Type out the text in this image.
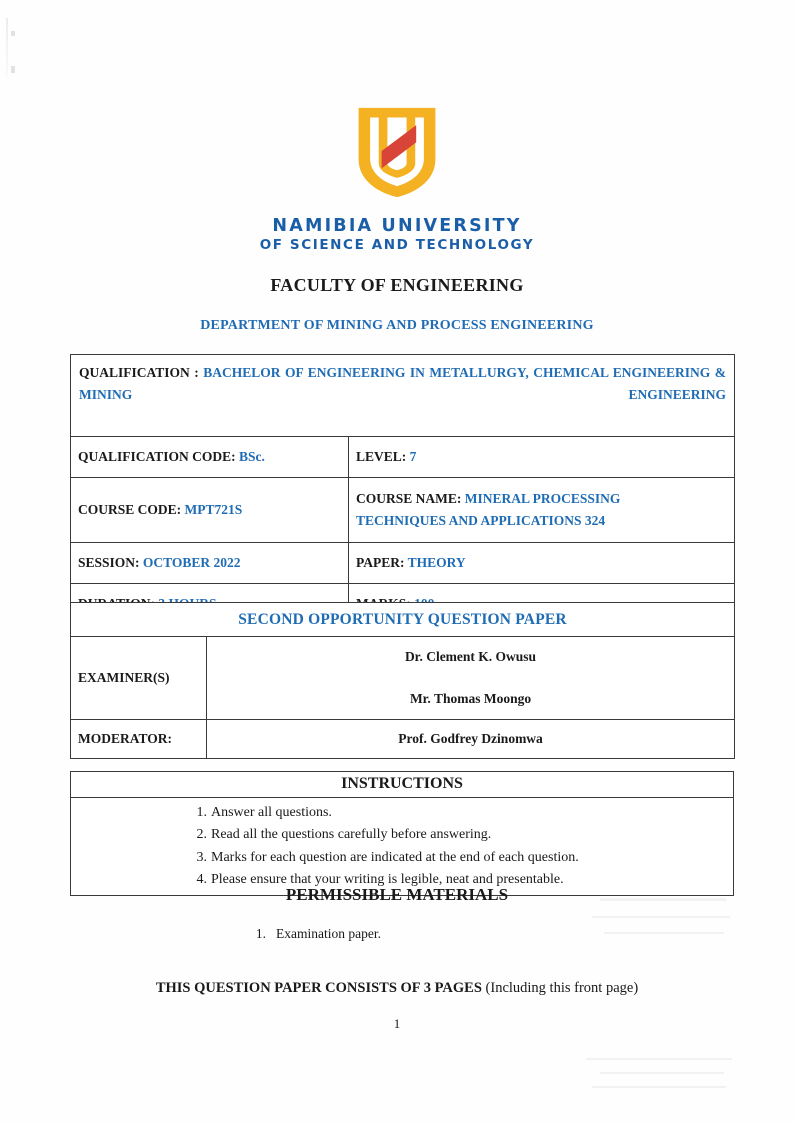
NAMIBIA UNIVERSITY
OF SCIENCE AND TECHNOLOGY
FACULTY OF ENGINEERING
DEPARTMENT OF MINING AND PROCESS ENGINEERING
QUALIFICATION : BACHELOR OF ENGINEERING IN METALLURGY, CHEMICAL ENGINEERING & MINING ENGINEERING	

QUALIFICATION CODE: BSc.	LEVEL: 7
COURSE CODE: MPT721S	COURSE NAME: MINERAL PROCESSING
TECHNIQUES AND APPLICATIONS 324

SESSION: OCTOBER 2022	PAPER: THEORY

SECOND OPPORTUNITY QUESTION PAPER	
EXAMINER(S)	Dr. Clement K. Owusu
Mr. Thomas Moongo

MODERATOR:	Prof. Godfrey Dzinomwa
INSTRUCTIONS
1. Answer all questions.
2. Read all the questions carefully before answering.
3. Marks for each question are indicated at the end of each question.
4. Please ensure that your writing is legible, neat and presentable.
PERMISSIBLE MATERIALS
1. Examination paper.
THIS QUESTION PAPER CONSISTS OF 3 PAGES (Including this front page)
1
